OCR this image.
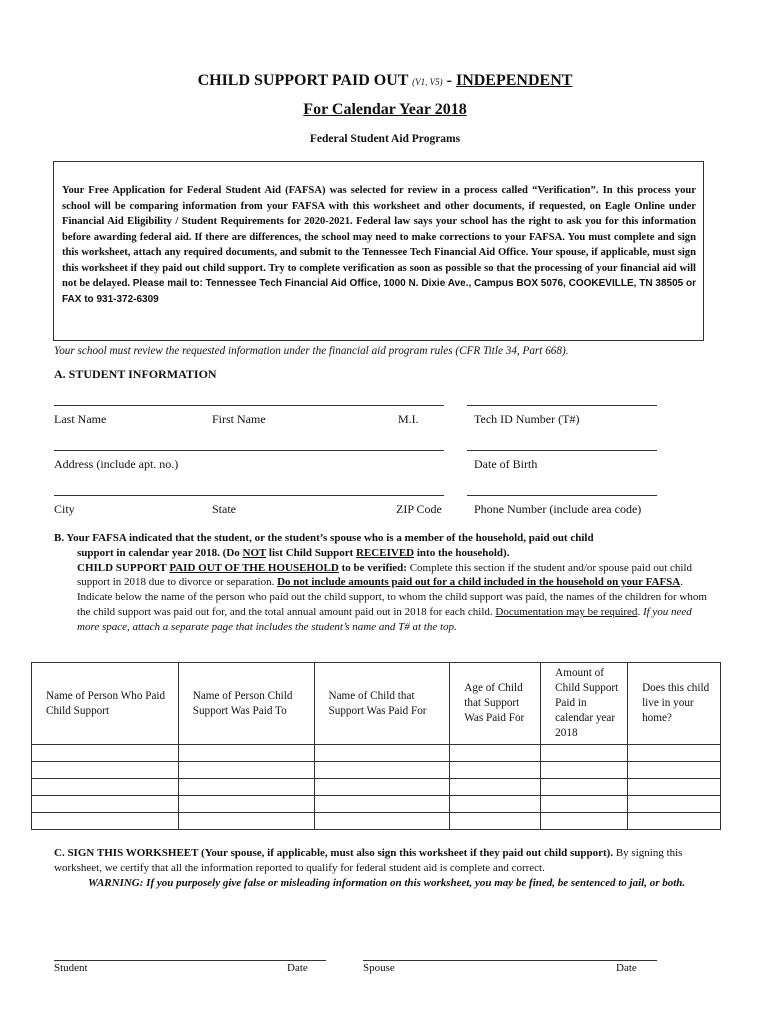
CHILD SUPPORT PAID OUT (V1, V5) - INDEPENDENT
For Calendar Year 2018
Federal Student Aid Programs
Your Free Application for Federal Student Aid (FAFSA) was selected for review in a process called “Verification”. In this process your school will be comparing information from your FAFSA with this worksheet and other documents, if requested, on Eagle Online under Financial Aid Eligibility / Student Requirements for 2020-2021. Federal law says your school has the right to ask you for this information before awarding federal aid. If there are differences, the school may need to make corrections to your FAFSA. You must complete and sign this worksheet, attach any required documents, and submit to the Tennessee Tech Financial Aid Office. Your spouse, if applicable, must sign this worksheet if they paid out child support. Try to complete verification as soon as possible so that the processing of your financial aid will not be delayed. Please mail to: Tennessee Tech Financial Aid Office, 1000 N. Dixie Ave., Campus BOX 5076, COOKEVILLE, TN 38505 or FAX to 931-372-6309
Your school must review the requested information under the financial aid program rules (CFR Title 34, Part 668).
A. STUDENT INFORMATION
Last Name	First Name	M.I.	Tech ID Number (T#)
Address (include apt. no.)	Date of Birth
City	State	ZIP Code	Phone Number (include area code)
B. Your FAFSA indicated that the student, or the student’s spouse who is a member of the household, paid out child
support in calendar year 2018. (Do NOT list Child Support RECEIVED into the household).
CHILD SUPPORT PAID OUT OF THE HOUSEHOLD to be verified: Complete this section if the student and/or spouse paid out child support in 2018 due to divorce or separation. Do not include amounts paid out for a child included in the household on your FAFSA. Indicate below the name of the person who paid out the child support, to whom the child support was paid, the names of the children for whom the child support was paid out for, and the total annual amount paid out in 2018 for each child. Documentation may be required. If you need more space, attach a separate page that includes the student’s name and T# at the top.
Name of Person Who Paid Child Support	Name of Person Child Support Was Paid To	Name of Child that Support Was Paid For	Age of Child that Support Was Paid For	Amount of Child Support Paid in calendar year 2018	Does this child live in your home?

C. SIGN THIS WORKSHEET (Your spouse, if applicable, must also sign this worksheet if they paid out child support). By signing this worksheet, we certify that all the information reported to qualify for federal student aid is complete and correct.
WARNING: If you purposely give false or misleading information on this worksheet, you may be fined, be sentenced to jail, or both.
Student	Date	Spouse	Date
